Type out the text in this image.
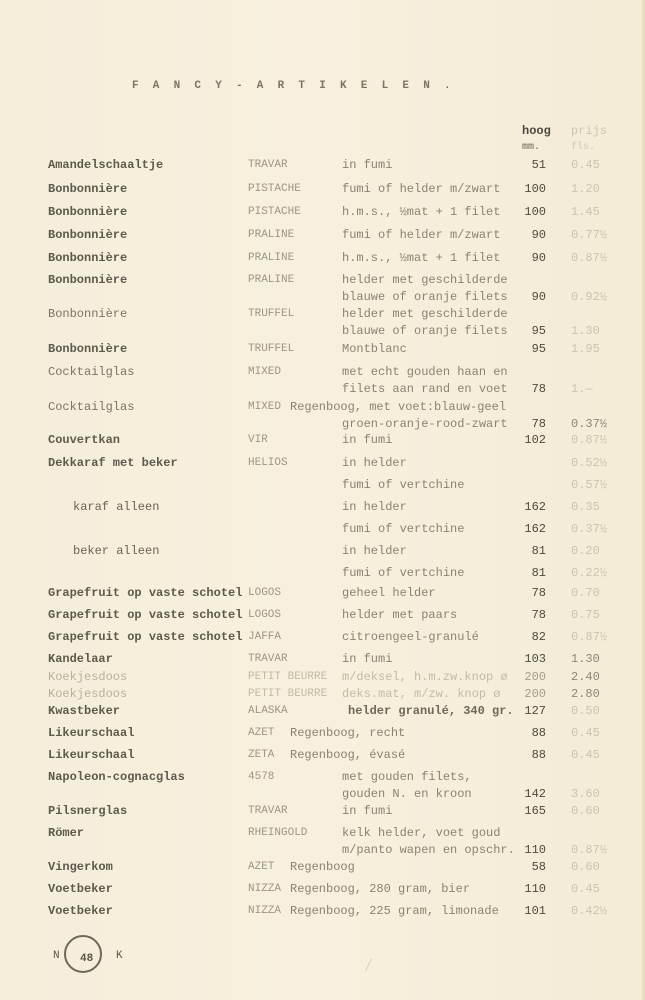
FANCY-ARTIKELEN.
hoog
mm.
prijs
fls.
Amandelschaaltje	TRAVAR	in fumi	51 0.45
Bonbonnière	PISTACHE	fumi of helder m/zwart	100 1.20
Bonbonnière	PISTACHE	h.m.s., ½mat + 1 filet	100 1.45
Bonbonnière	PRALINE	fumi of helder m/zwart	90 0.77½
Bonbonnière	PRALINE	h.m.s., ½mat + 1 filet	90 0.87½
Bonbonnière	PRALINE	helder met geschilderde
blauwe of oranje filets	90 0.92½
Bonbonnière	TRUFFEL	helder met geschilderde
blauwe of oranje filets	95 1.30
Bonbonnière	TRUFFEL	Montblanc	95 1.95
Cocktailglas	MIXED	met echt gouden haan en
filets aan rand en voet	78 1.—
Cocktailglas	MIXED Regenboog, met voet:blauw-geel
groen-oranje-rood-zwart	78 0.37½
Couvertkan	VIR	in fumi	102 0.87½
Dekkaraf met beker	HELIOS	in helder	0.52½
fumi of vertchine	0.57½
karaf alleen	in helder	162 0.35
fumi of vertchine	162 0.37½
beker alleen	in helder	81 0.20
fumi of vertchine	81 0.22½
Grapefruit op vaste schotel LOGOS	geheel helder	78 0.70
Grapefruit op vaste schotel LOGOS	helder met paars	78 0.75
Grapefruit op vaste schotel JAFFA	citroengeel-granulé	82 0.87½
Kandelaar	TRAVAR	in fumi	103 1.30
Koekjesdoos	PETIT BEURRE m/deksel, h.m.zw.knop ø	200 2.40
Koekjesdoos	PETIT BEURRE deks.mat, m/zw. knop ø	200 2.80
Kwastbeker	ALASKA	helder granulé, 340 gr. 127 0.50
Likeurschaal	AZET Regenboog, recht	88 0.45
Likeurschaal	ZETA Regenboog, évasé	88 0.45
Napoleon-cognacglas	4578	met gouden filets,
gouden N. en kroon	142 3.60
Pilsnerglas	TRAVAR	in fumi	165 0.60
Römer	RHEINGOLD	kelk helder, voet goud
m/panto wapen en opschr. 110 0.87½
Vingerkom	AZET Regenboog	58 0.60
Voetbeker	NIZZA Regenboog, 280 gram, bier	110 0.45
Voetbeker	NIZZA Regenboog, 225 gram, limonade	101 0.42½
N 48 K
